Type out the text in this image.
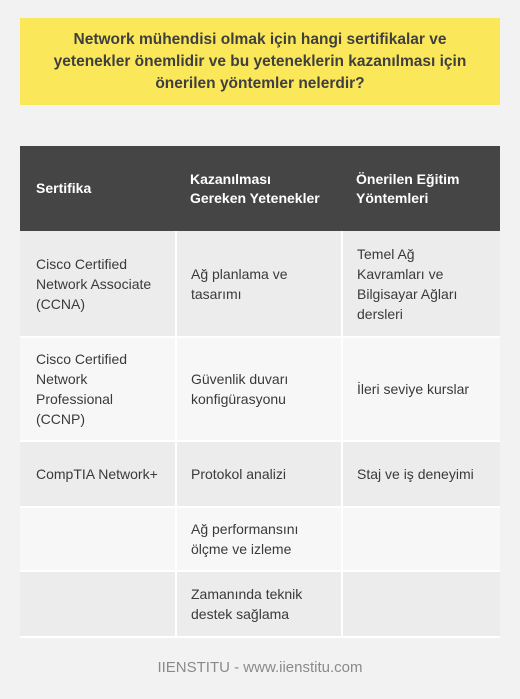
Network mühendisi olmak için hangi sertifikalar ve yetenekler önemlidir ve bu yeteneklerin kazanılması için önerilen yöntemler nelerdir?
Sertifika	Kazanılması Gereken Yetenekler	Önerilen Eğitim Yöntemleri
Cisco Certified Network Associate (CCNA)	Ağ planlama ve tasarımı	Temel Ağ Kavramları ve Bilgisayar Ağları dersleri
Cisco Certified Network Professional (CCNP)	Güvenlik duvarı konfigürasyonu	İleri seviye kurslar
CompTIA Network+	Protokol analizi	Staj ve iş deneyimi
	Ağ performansını ölçme ve izleme	
	Zamanında teknik destek sağlama	
IIENSTITU - www.iienstitu.com
